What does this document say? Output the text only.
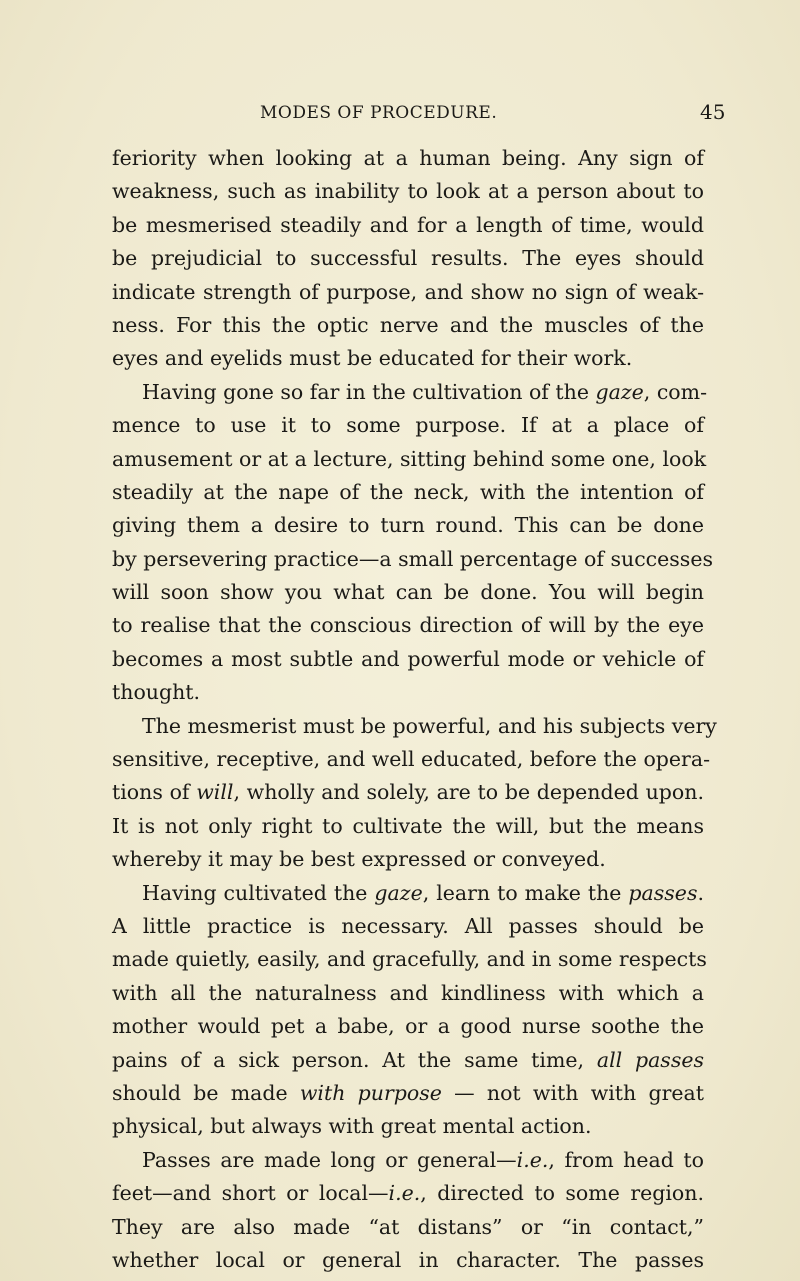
MODES OF PROCEDURE.	45
feriority when looking at a human being. Any sign of
weakness, such as inability to look at a person about to
be mesmerised steadily and for a length of time, would
be prejudicial to successful results. The eyes should
indicate strength of purpose, and show no sign of weak-
ness. For this the optic nerve and the muscles of the
eyes and eyelids must be educated for their work.
Having gone so far in the cultivation of the gaze, com-
mence to use it to some purpose. If at a place of
amusement or at a lecture, sitting behind some one, look
steadily at the nape of the neck, with the intention of
giving them a desire to turn round. This can be done
by persevering practice—a small percentage of successes
will soon show you what can be done. You will begin
to realise that the conscious direction of will by the eye
becomes a most subtle and powerful mode or vehicle of
thought.
The mesmerist must be powerful, and his subjects very
sensitive, receptive, and well educated, before the opera-
tions of will, wholly and solely, are to be depended upon.
It is not only right to cultivate the will, but the means
whereby it may be best expressed or conveyed.
Having cultivated the gaze, learn to make the passes.
A little practice is necessary. All passes should be
made quietly, easily, and gracefully, and in some respects
with all the naturalness and kindliness with which a
mother would pet a babe, or a good nurse soothe the
pains of a sick person. At the same time, all passes
should be made with purpose — not with with great
physical, but always with great mental action.
Passes are made long or general—i.e., from head to
feet—and short or local—i.e., directed to some region.
They are also made “at distans” or “in contact,”
whether local or general in character. The passes
